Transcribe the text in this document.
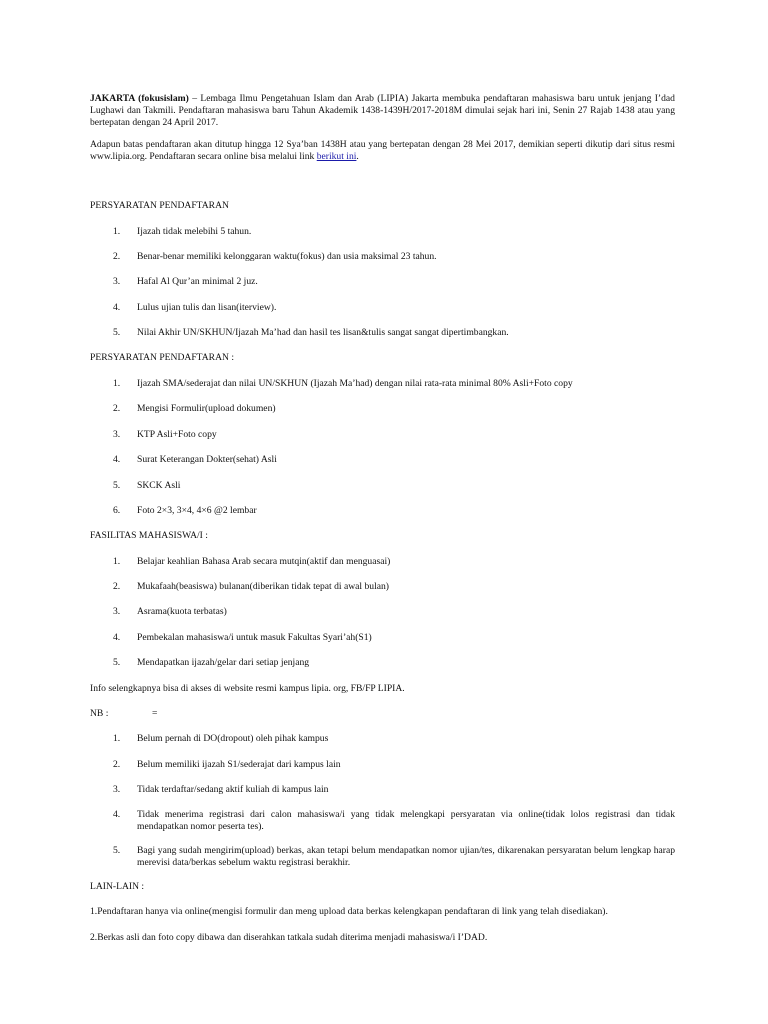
JAKARTA (fokusislam) – Lembaga Ilmu Pengetahuan Islam dan Arab (LIPIA) Jakarta membuka pendaftaran mahasiswa baru untuk jenjang I’dad Lughawi dan Takmili. Pendaftaran mahasiswa baru Tahun Akademik 1438-1439H/2017-2018M dimulai sejak hari ini, Senin 27 Rajab 1438 atau yang bertepatan dengan 24 April 2017.

Adapun batas pendaftaran akan ditutup hingga 12 Sya’ban 1438H atau yang bertepatan dengan 28 Mei 2017, demikian seperti dikutip dari situs resmi www.lipia.org. Pendaftaran secara online bisa melalui link berikut ini.

PERSYARATAN PENDAFTARAN

1. Ijazah tidak melebihi 5 tahun.
2. Benar-benar memiliki kelonggaran waktu(fokus) dan usia maksimal 23 tahun.
3. Hafal Al Qur’an minimal 2 juz.
4. Lulus ujian tulis dan lisan(iterview).
5. Nilai Akhir UN/SKHUN/Ijazah Ma’had dan hasil tes lisan&tulis sangat sangat dipertimbangkan.

PERSYARATAN PENDAFTARAN :

1. Ijazah SMA/sederajat dan nilai UN/SKHUN (Ijazah Ma’had) dengan nilai rata-rata minimal 80% Asli+Foto copy
2. Mengisi Formulir(upload dokumen)
3. KTP Asli+Foto copy
4. Surat Keterangan Dokter(sehat) Asli
5. SKCK Asli
6. Foto 2×3, 3×4, 4×6 @2 lembar

FASILITAS MAHASISWA/I :

1. Belajar keahlian Bahasa Arab secara mutqin(aktif dan menguasai)
2. Mukafaah(beasiswa) bulanan(diberikan tidak tepat di awal bulan)
3. Asrama(kuota terbatas)
4. Pembekalan mahasiswa/i untuk masuk Fakultas Syari’ah(S1)
5. Mendapatkan ijazah/gelar dari setiap jenjang

Info selengkapnya bisa di akses di website resmi kampus lipia. org, FB/FP LIPIA.

NB :	=
1. Belum pernah di DO(dropout) oleh pihak kampus
2. Belum memiliki ijazah S1/sederajat dari kampus lain
3. Tidak terdaftar/sedang aktif kuliah di kampus lain
4. Tidak menerima registrasi dari calon mahasiswa/i yang tidak melengkapi persyaratan via online(tidak lolos registrasi dan tidak mendapatkan nomor peserta tes).
5. Bagi yang sudah mengirim(upload) berkas, akan tetapi belum mendapatkan nomor ujian/tes, dikarenakan persyaratan belum lengkap harap merevisi data/berkas sebelum waktu registrasi berakhir.

LAIN-LAIN :

1.Pendaftaran hanya via online(mengisi formulir dan meng upload data berkas kelengkapan pendaftaran di link yang telah disediakan).

2.Berkas asli dan foto copy dibawa dan diserahkan tatkala sudah diterima menjadi mahasiswa/i I’DAD.
